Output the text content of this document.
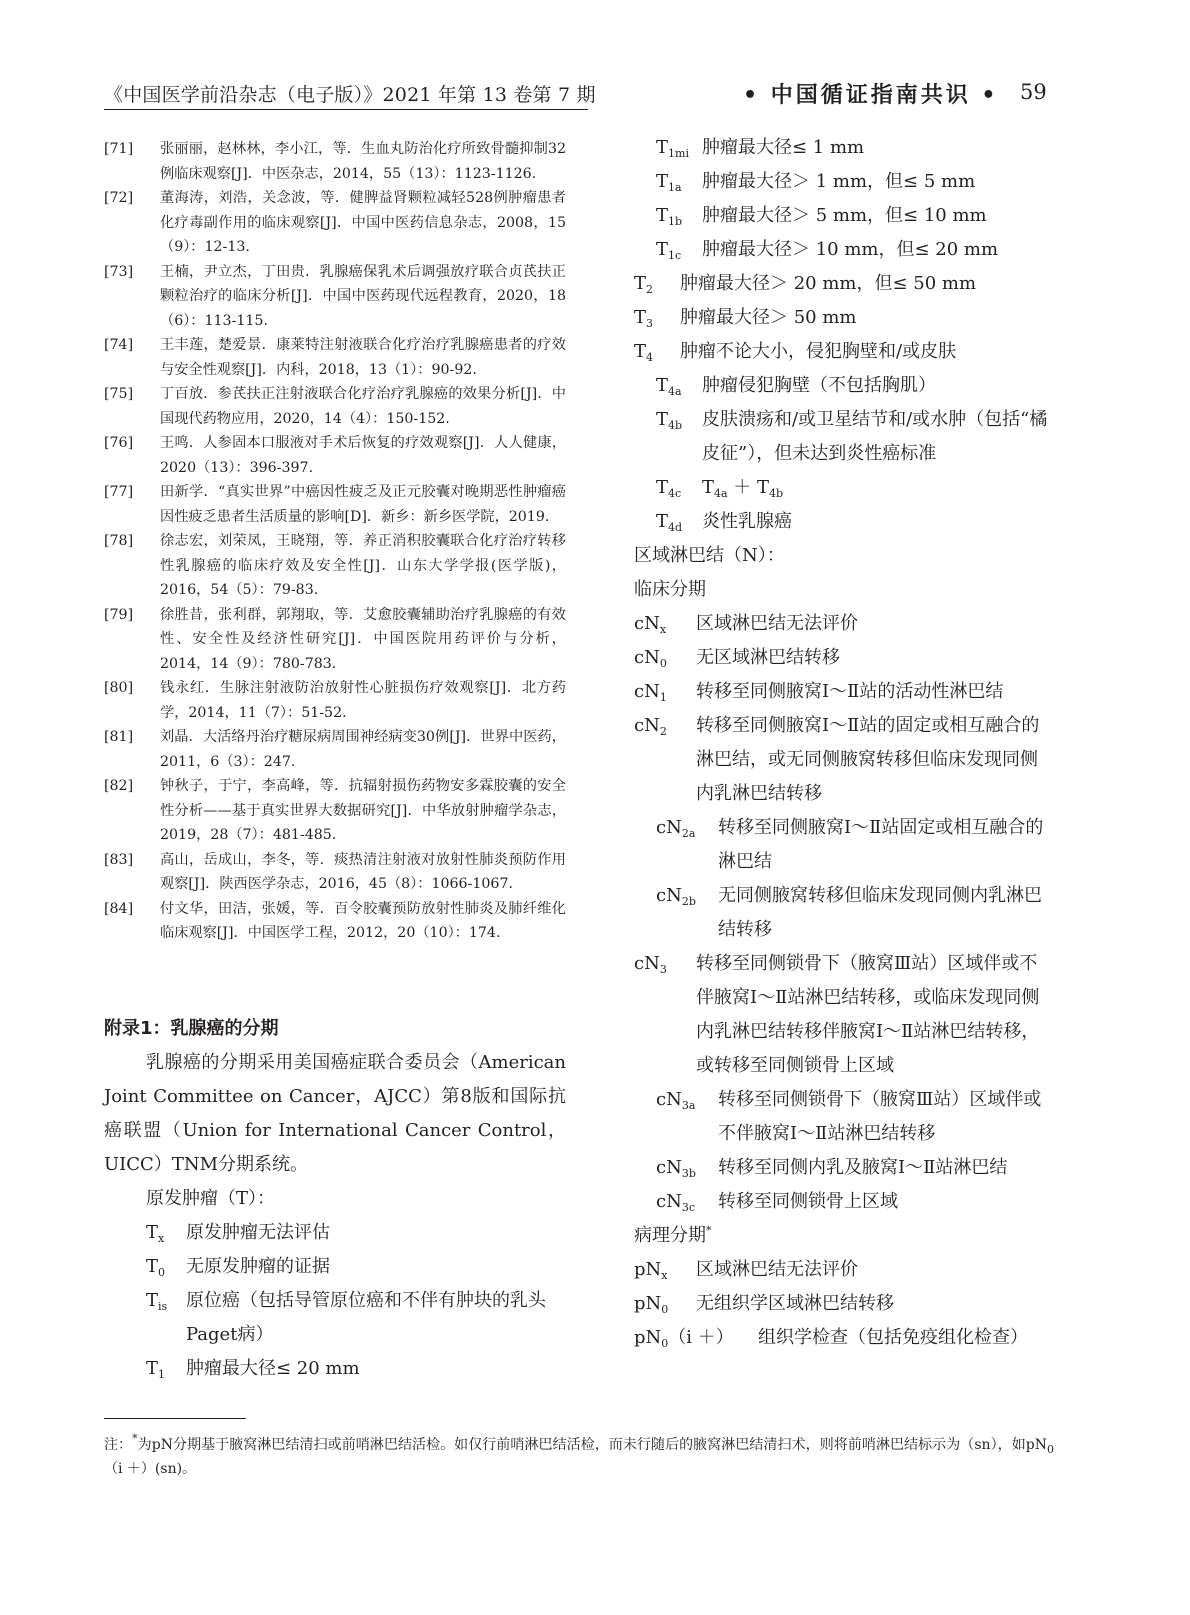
《中国医学前沿杂志（电子版）》2021 年第 13 卷第 7 期	• 中国循证指南共识 • 59
[71]	张丽丽，赵林林，李小江，等．生血丸防治化疗所致骨髓抑制32例临床观察[J]．中医杂志，2014，55（13）：1123-1126.
[72]	董海涛，刘浩，关念波，等．健脾益肾颗粒减轻528例肿瘤患者化疗毒副作用的临床观察[J]．中国中医药信息杂志，2008，15（9）：12-13.
[73]	王楠，尹立杰，丁田贵．乳腺癌保乳术后调强放疗联合贞芪扶正颗粒治疗的临床分析[J]．中国中医药现代远程教育，2020，18（6）：113-115.
[74]	王丰莲，楚爱景．康莱特注射液联合化疗治疗乳腺癌患者的疗效与安全性观察[J]．内科，2018，13（1）：90-92.
[75]	丁百放．参芪扶正注射液联合化疗治疗乳腺癌的效果分析[J]．中国现代药物应用，2020，14（4）：150-152.
[76]	王鸣．人参固本口服液对手术后恢复的疗效观察[J]．人人健康，2020（13）：396-397.
[77]	田新学．“真实世界”中癌因性疲乏及正元胶囊对晚期恶性肿瘤癌因性疲乏患者生活质量的影响[D]．新乡：新乡医学院，2019.
[78]	徐志宏，刘荣凤，王晓翔，等．养正消积胶囊联合化疗治疗转移性乳腺癌的临床疗效及安全性[J]．山东大学学报(医学版)，2016，54（5）：79-83.
[79]	徐胜昔，张利群，郭翔取，等．艾愈胶囊辅助治疗乳腺癌的有效性、安全性及经济性研究[J]．中国医院用药评价与分析，2014，14（9）：780-783.
[80]	钱永红．生脉注射液防治放射性心脏损伤疗效观察[J]．北方药学，2014，11（7）：51-52.
[81]	刘晶．大活络丹治疗糖尿病周围神经病变30例[J]．世界中医药，2011，6（3）：247.
[82]	钟秋子，于宁，李高峰，等．抗辐射损伤药物安多霖胶囊的安全性分析——基于真实世界大数据研究[J]．中华放射肿瘤学杂志，2019，28（7）：481-485.
[83]	高山，岳成山，李冬，等．痰热清注射液对放射性肺炎预防作用观察[J]．陕西医学杂志，2016，45（8）：1066-1067.
[84]	付文华，田洁，张媛，等．百令胶囊预防放射性肺炎及肺纤维化临床观察[J]．中国医学工程，2012，20（10）：174.
附录1：乳腺癌的分期
乳腺癌的分期采用美国癌症联合委员会（American Joint Committee on Cancer，AJCC）第8版和国际抗癌联盟（Union for International Cancer Control，UICC）TNM分期系统。
原发肿瘤（T）：
$T_x$	原发肿瘤无法评估
$T_0$	无原发肿瘤的证据
$T_{is}$	原位癌（包括导管原位癌和不伴有肿块的乳头Paget病）
$T_1$	肿瘤最大径≤ 20 mm
$T_{1mi}$ 肿瘤最大径≤ 1 mm
$T_{1a}$	肿瘤最大径＞ 1 mm，但≤ 5 mm
$T_{1b}$	肿瘤最大径＞ 5 mm，但≤ 10 mm
$T_{1c}$	肿瘤最大径＞ 10 mm，但≤ 20 mm
$T_2$	肿瘤最大径＞ 20 mm，但≤ 50 mm
$T_3$	肿瘤最大径＞ 50 mm
$T_4$	肿瘤不论大小，侵犯胸壁和/或皮肤
$T_{4a}$	肿瘤侵犯胸壁（不包括胸肌）
$T_{4b}$	皮肤溃疡和/或卫星结节和/或水肿（包括“橘皮征”），但未达到炎性癌标准
$T_{4c}$	$T_{4a} + T_{4b}$
$T_{4d}$	炎性乳腺癌
区域淋巴结（N）：
临床分期
$cN_x$	区域淋巴结无法评价
$cN_0$	无区域淋巴结转移
$cN_1$	转移至同侧腋窝Ⅰ～Ⅱ站的活动性淋巴结
$cN_2$	转移至同侧腋窝Ⅰ～Ⅱ站的固定或相互融合的淋巴结，或无同侧腋窝转移但临床发现同侧内乳淋巴结转移
$cN_{2a}$	转移至同侧腋窝Ⅰ～Ⅱ站固定或相互融合的淋巴结
$cN_{2b}$	无同侧腋窝转移但临床发现同侧内乳淋巴结转移
$cN_3$	转移至同侧锁骨下（腋窝Ⅲ站）区域伴或不伴腋窝Ⅰ～Ⅱ站淋巴结转移，或临床发现同侧内乳淋巴结转移伴腋窝Ⅰ～Ⅱ站淋巴结转移，或转移至同侧锁骨上区域
$cN_{3a}$	转移至同侧锁骨下（腋窝Ⅲ站）区域伴或不伴腋窝Ⅰ～Ⅱ站淋巴结转移
$cN_{3b}$	转移至同侧内乳及腋窝Ⅰ～Ⅱ站淋巴结
$cN_{3c}$	转移至同侧锁骨上区域
病理分期*
$pN_x$	区域淋巴结无法评价
$pN_0$	无组织学区域淋巴结转移
$pN_0(i$ ＋）	组织学检查（包括免疫组化检查）
注：*为pN分期基于腋窝淋巴结清扫或前哨淋巴结活检。如仅行前哨淋巴结活检，而未行随后的腋窝淋巴结清扫术，则将前哨淋巴结标示为（sn），如$pN_0(i +)(sn)$。
